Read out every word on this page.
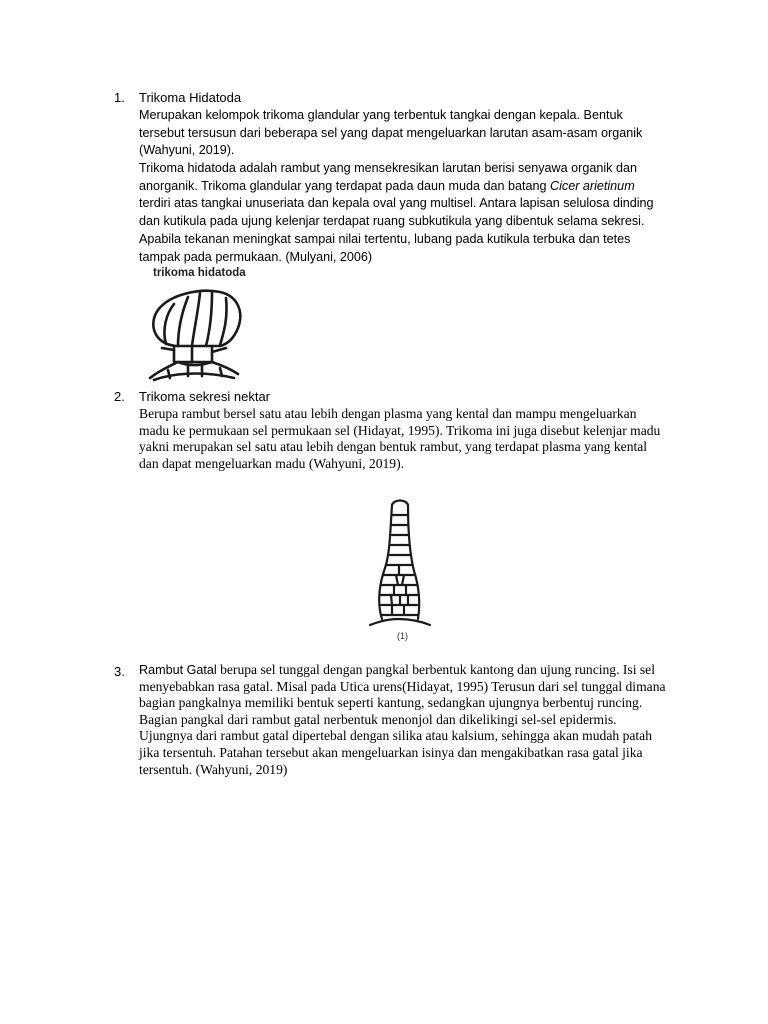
1. Trikoma Hidatoda

Merupakan kelompok trikoma glandular yang terbentuk tangkai dengan kepala. Bentuk tersebut tersusun dari beberapa sel yang dapat mengeluarkan larutan asam-asam organik (Wahyuni, 2019).

Trikoma hidatoda adalah rambut yang mensekresikan larutan berisi senyawa organik dan anorganik. Trikoma glandular yang terdapat pada daun muda dan batang Cicer arietinum terdiri atas tangkai unuseriata dan kepala oval yang multisel. Antara lapisan selulosa dinding dan kutikula pada ujung kelenjar terdapat ruang subkutikula yang dibentuk selama sekresi. Apabila tekanan meningkat sampai nilai tertentu, lubang pada kutikula terbuka dan tetes tampak pada permukaan. (Mulyani, 2006)

trikoma hidatoda
2. Trikoma sekresi nektar

Berupa rambut bersel satu atau lebih dengan plasma yang kental dan mampu mengeluarkan madu ke permukaan sel permukaan sel (Hidayat, 1995). Trikoma ini juga disebut kelenjar madu yakni merupakan sel satu atau lebih dengan bentuk rambut, yang terdapat plasma yang kental dan dapat mengeluarkan madu (Wahyuni, 2019).

(1)
3. Rambut Gatal berupa sel tunggal dengan pangkal berbentuk kantong dan ujung runcing. Isi sel menyebabkan rasa gatal. Misal pada Utica urens(Hidayat, 1995) Terusun dari sel tunggal dimana bagian pangkalnya memiliki bentuk seperti kantung, sedangkan ujungnya berbentuj runcing. Bagian pangkal dari rambut gatal nerbentuk menonjol dan dikelikingi sel-sel epidermis. Ujungnya dari rambut gatal dipertebal dengan silika atau kalsium, sehingga akan mudah patah jika tersentuh. Patahan tersebut akan mengeluarkan isinya dan mengakibatkan rasa gatal jika tersentuh. (Wahyuni, 2019)
